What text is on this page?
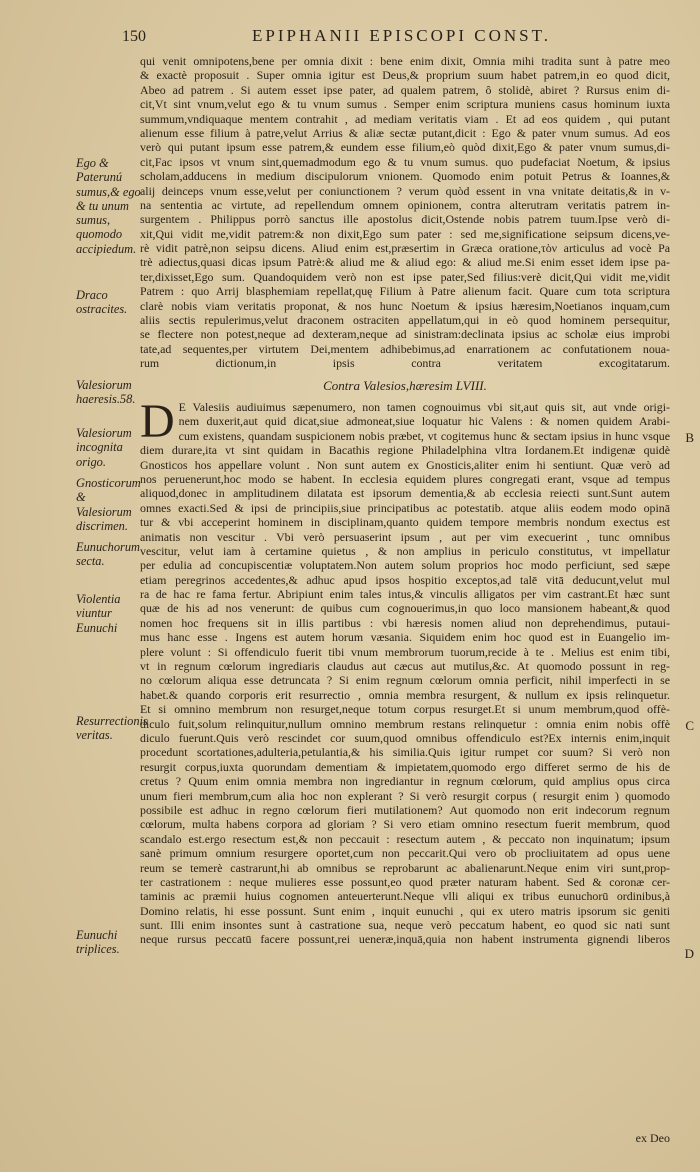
150	EPIPHANII EPISCOPI CONST.
Ego & Paterunú sumus,& ego & tu unum sumus, quomodo accipiedum.
Draco ostracites.
Valesiorum haeresis.58.
Valesiorum incognita origo.
Gnosticorum & Valesiorum discrimen.
Eunuchorum secta.
Violentia viuntur Eunuchi
Resurrectionis veritas.
Eunuchi triplices.
qui venit omnipotens,bene per omnia dixit : bene enim dixit, Omnia mihi tradita sunt à patre meo
& exactè proposuit . Super omnia igitur est Deus,& proprium suum habet patrem,in eo quod dicit,
Abeo ad patrem . Si autem esset ipse pater, ad qualem patrem, ô stolidè, abiret ? Rursus enim di-
cit,Vt sint vnum,velut ego & tu vnum sumus . Semper enim scriptura muniens casus hominum iuxta
summum,vndiquaque mentem contrahit , ad mediam veritatis viam . Et ad eos quidem , qui putant
alienum esse filium à patre,velut Arrius & aliæ sectæ putant,dicit : Ego & pater vnum sumus. Ad eos
verò qui putant ipsum esse patrem,& eundem esse filium,eò quòd dixit,Ego & pater vnum sumus,di-
cit,Fac ipsos vt vnum sint,quemadmodum ego & tu vnum sumus. quo pudefaciat Noetum, & ipsius
scholam,adducens in medium discipulorum vnionem. Quomodo enim potuit Petrus & Ioannes,&
alij deinceps vnum esse,velut per coniunctionem ? verum quòd essent in vna vnitate deitatis,& in v-
na sententia ac virtute, ad repellendum omnem opinionem, contra alterutram veritatis patrem in-
surgentem . Philippus porrò sanctus ille apostolus dicit,Ostende nobis patrem tuum.Ipse verò di-
xit,Qui vidit me,vidit patrem:& non dixit,Ego sum pater : sed me,significatione seipsum dicens,ve-
rè vidit patrè,non seipsu dicens. Aliud enim est,præsertim in Græca oratione,τὸν articulus ad vocè Pa
trè adiectus,quasi dicas ipsum Patrè:& aliud me & aliud ego: & aliud me.Si enim esset idem ipse pa-
ter,dixisset,Ego sum. Quandoquidem verò non est ipse pater,Sed filius:verè dicit,Qui vidit me,vidit
Patrem : quo Arrij blasphemiam repellat,quę Filium à Patre alienum facit. Quare cum tota scriptura
clarè nobis viam veritatis proponat, & nos hunc Noetum & ipsius hæresim,Noetianos inquam,cum
aliis sectis repulerimus,velut draconem ostraciten appellatum,qui in eò quod hominem persequitur,
se flectere non potest,neque ad dexteram,neque ad sinistram:declinata ipsius ac scholæ eius improbi
tate,ad sequentes,per virtutem Dei,mentem adhibebimus,ad enarrationem ac confutationem noua-
rum dictionum,in ipsis contra veritatem excogitatarum.
Contra Valesios,hæresim LVIII.
D E Valesiis audiuimus sæpenumero, non tamen cognouimus vbi sit,aut quis sit, aut vnde origi-
nem duxerit,aut quid dicat,siue admoneat,siue loquatur hic Valens : & nomen quidem Arabi-
cum existens, quandam suspicionem nobis præbet, vt cogitemus hunc & sectam ipsius in hunc vsque
diem durare,ita vt sint quidam in Bacathis regione Philadelphina vltra Iordanem.Et indigenæ quidè
Gnosticos hos appellare volunt . Non sunt autem ex Gnosticis,aliter enim hi sentiunt. Quæ verò ad
nos peruenerunt,hoc modo se habent. In ecclesia equidem plures congregati erant, vsque ad tempus
aliquod,donec in amplitudinem dilatata est ipsorum dementia,& ab ecclesia reiecti sunt.Sunt autem
omnes exacti.Sed & ipsi de principiis,siue principatibus ac potestatib. atque aliis eodem modo opinā
tur & vbi acceperint hominem in disciplinam,quanto quidem tempore membris nondum exectus est
animatis non vescitur . Vbi verò persuaserint ipsum , aut per vim execuerint , tunc omnibus
vescitur, velut iam à certamine quietus , & non amplius in periculo constitutus, vt impellatur
per edulia ad concupiscentiæ voluptatem.Non autem solum proprios hoc modo perficiunt, sed sæpe
etiam peregrinos accedentes,& adhuc apud ipsos hospitio exceptos,ad talē vitā deducunt,velut mul
ra de hac re fama fertur. Abripiunt enim tales intus,& vinculis alligatos per vim castrant.Et hæc sunt
quæ de his ad nos venerunt: de quibus cum cognouerimus,in quo loco mansionem habeant,& quod
nomen hoc frequens sit in illis partibus : vbi hæresis nomen aliud non deprehendimus, putaui-
mus hanc esse . Ingens est autem horum væsania. Siquidem enim hoc quod est in Euangelio im-
plere volunt : Si offendiculo fuerit tibi vnum membrorum tuorum,recide à te . Melius est enim tibi,
vt in regnum cœlorum ingrediaris claudus aut cæcus aut mutilus,&c. At quomodo possunt in reg-
no cœlorum aliqua esse detruncata ? Si enim regnum cœlorum omnia perficit, nihil imperfecti in se
habet.& quando corporis erit resurrectio , omnia membra resurgent, & nullum ex ipsis relinquetur.
Et si omnino membrum non resurget,neque totum corpus resurget.Et si unum membrum,quod offè-
diculo fuit,solum relinquitur,nullum omnino membrum restans relinquetur : omnia enim nobis offè
diculo fuerunt.Quis verò rescindet cor suum,quod omnibus offendiculo est?Ex internis enim,inquit
procedunt scortationes,adulteria,petulantia,& his similia.Quis igitur rumpet cor suum? Si verò non
resurgit corpus,iuxta quorundam dementiam & impietatem,quomodo ergo differet sermo de his de
cretus ? Quum enim omnia membra non ingrediantur in regnum cœlorum, quid amplius opus circa
unum fieri membrum,cum alia hoc non explerant ? Si verò resurgit corpus ( resurgit enim ) quomodo
possibile est adhuc in regno cœlorum fieri mutilationem? Aut quomodo non erit indecorum regnum
cœlorum, multa habens corpora ad gloriam ? Si vero etiam omnino resectum fuerit membrum, quod
scandalo est.ergo resectum est,& non peccauit : resectum autem , & peccato non inquinatum; ipsum
sanè primum omnium resurgere oportet,cum non peccarit.Qui vero ob procliuitatem ad opus uene
reum se temerè castrarunt,hi ab omnibus se reprobarunt ac abalienarunt.Neque enim viri sunt,prop-
ter castrationem : neque mulieres esse possunt,eo quod præter naturam habent. Sed & coronæ cer-
taminis ac præmii huius cognomen anteuerterunt.Neque vlli aliqui ex tribus eunuchorū ordinibus,à
Domino relatis, hi esse possunt. Sunt enim , inquit eunuchi , qui ex utero matris ipsorum sic geniti
sunt. Illi enim insontes sunt à castratione sua, neque verò peccatum habent, eo quod sic nati sunt
neque rursus peccatū facere possunt,rei ueneræ,inquā,quia non habent instrumenta gignendi liberos
B
C
D
ex Deo
